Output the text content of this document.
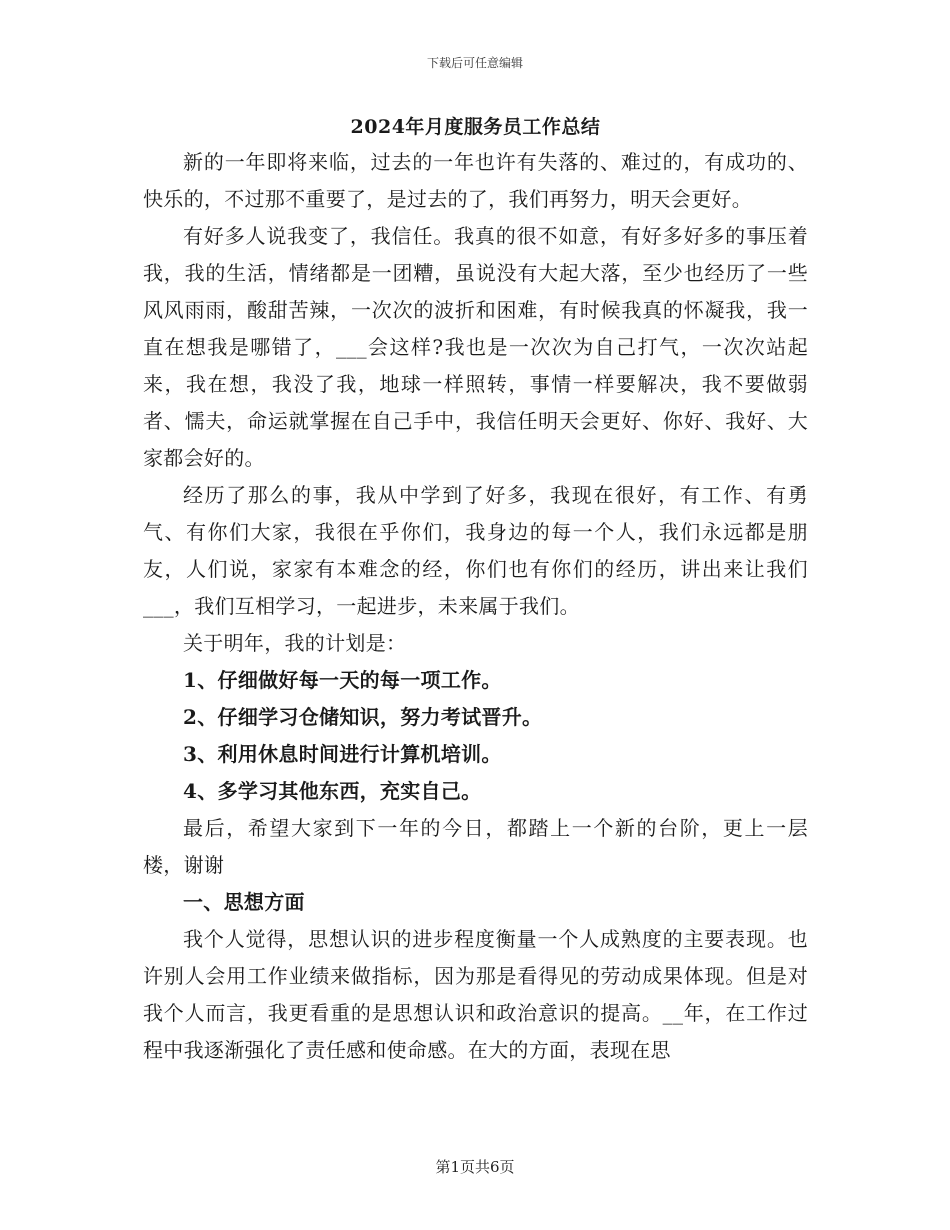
下载后可任意编辑
2024年月度服务员工作总结

新的一年即将来临，过去的一年也许有失落的、难过的，有成功的、快乐的，不过那不重要了，是过去的了，我们再努力，明天会更好。

有好多人说我变了，我信任。我真的很不如意，有好多好多的事压着我，我的生活，情绪都是一团糟，虽说没有大起大落，至少也经历了一些风风雨雨，酸甜苦辣，一次次的波折和困难，有时候我真的怀凝我，我一直在想我是哪错了，___会这样?我也是一次次为自己打气，一次次站起来，我在想，我没了我，地球一样照转，事情一样要解决，我不要做弱者、懦夫，命运就掌握在自己手中，我信任明天会更好、你好、我好、大家都会好的。

经历了那么的事，我从中学到了好多，我现在很好，有工作、有勇气、有你们大家，我很在乎你们，我身边的每一个人，我们永远都是朋友，人们说，家家有本难念的经，你们也有你们的经历，讲出来让我们___，我们互相学习，一起进步，未来属于我们。

关于明年，我的计划是：

1、仔细做好每一天的每一项工作。

2、仔细学习仓储知识，努力考试晋升。

3、利用休息时间进行计算机培训。

4、多学习其他东西，充实自己。

最后，希望大家到下一年的今日，都踏上一个新的台阶，更上一层楼，谢谢

一、思想方面

我个人觉得，思想认识的进步程度衡量一个人成熟度的主要表现。也许别人会用工作业绩来做指标，因为那是看得见的劳动成果体现。但是对我个人而言，我更看重的是思想认识和政治意识的提高。__年，在工作过程中我逐渐强化了责任感和使命感。在大的方面，表现在思

第1页共6页
